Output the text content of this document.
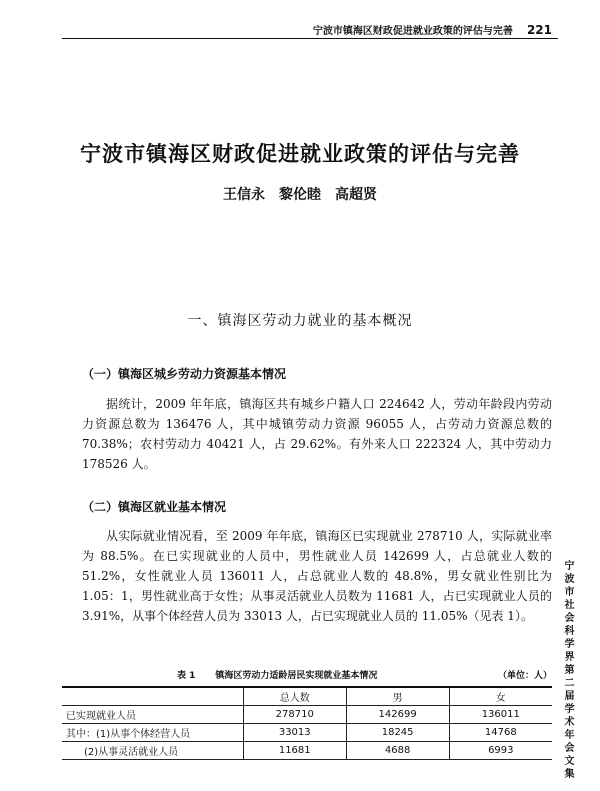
宁波市镇海区财政促进就业政策的评估与完善 221
宁波市镇海区财政促进就业政策的评估与完善
王信永　黎伦睦　高超贤
一、镇海区劳动力就业的基本概况
（一）镇海区城乡劳动力资源基本情况

据统计，2009 年年底，镇海区共有城乡户籍人口 224642 人，劳动年龄段内劳动力资源总数为 136476 人，其中城镇劳动力资源 96055 人，占劳动力资源总数的 70.38%；农村劳动力 40421 人，占 29.62%。有外来人口 222324 人，其中劳动力 178526 人。

（二）镇海区就业基本情况

从实际就业情况看，至 2009 年年底，镇海区已实现就业 278710 人，实际就业率为 88.5%。在已实现就业的人员中，男性就业人员 142699 人，占总就业人数的 51.2%，女性就业人员 136011 人，占总就业人数的 48.8%，男女就业性别比为 1.05：1，男性就业高于女性；从事灵活就业人员数为 11681 人，占已实现就业人员的 3.91%，从事个体经营人员为 33013 人，占已实现就业人员的 11.05%（见表 1）。

表 1 镇海区劳动力适龄居民实现就业基本情况	（单位：人）
	总人数	男	女
已实现就业人员	278710	142699	136011
其中：(1)从事个体经营人员	33013	18245	14768
(2)从事灵活就业人员	11681	4688	6993	宁波市社会科学界第二届学术年会文集
